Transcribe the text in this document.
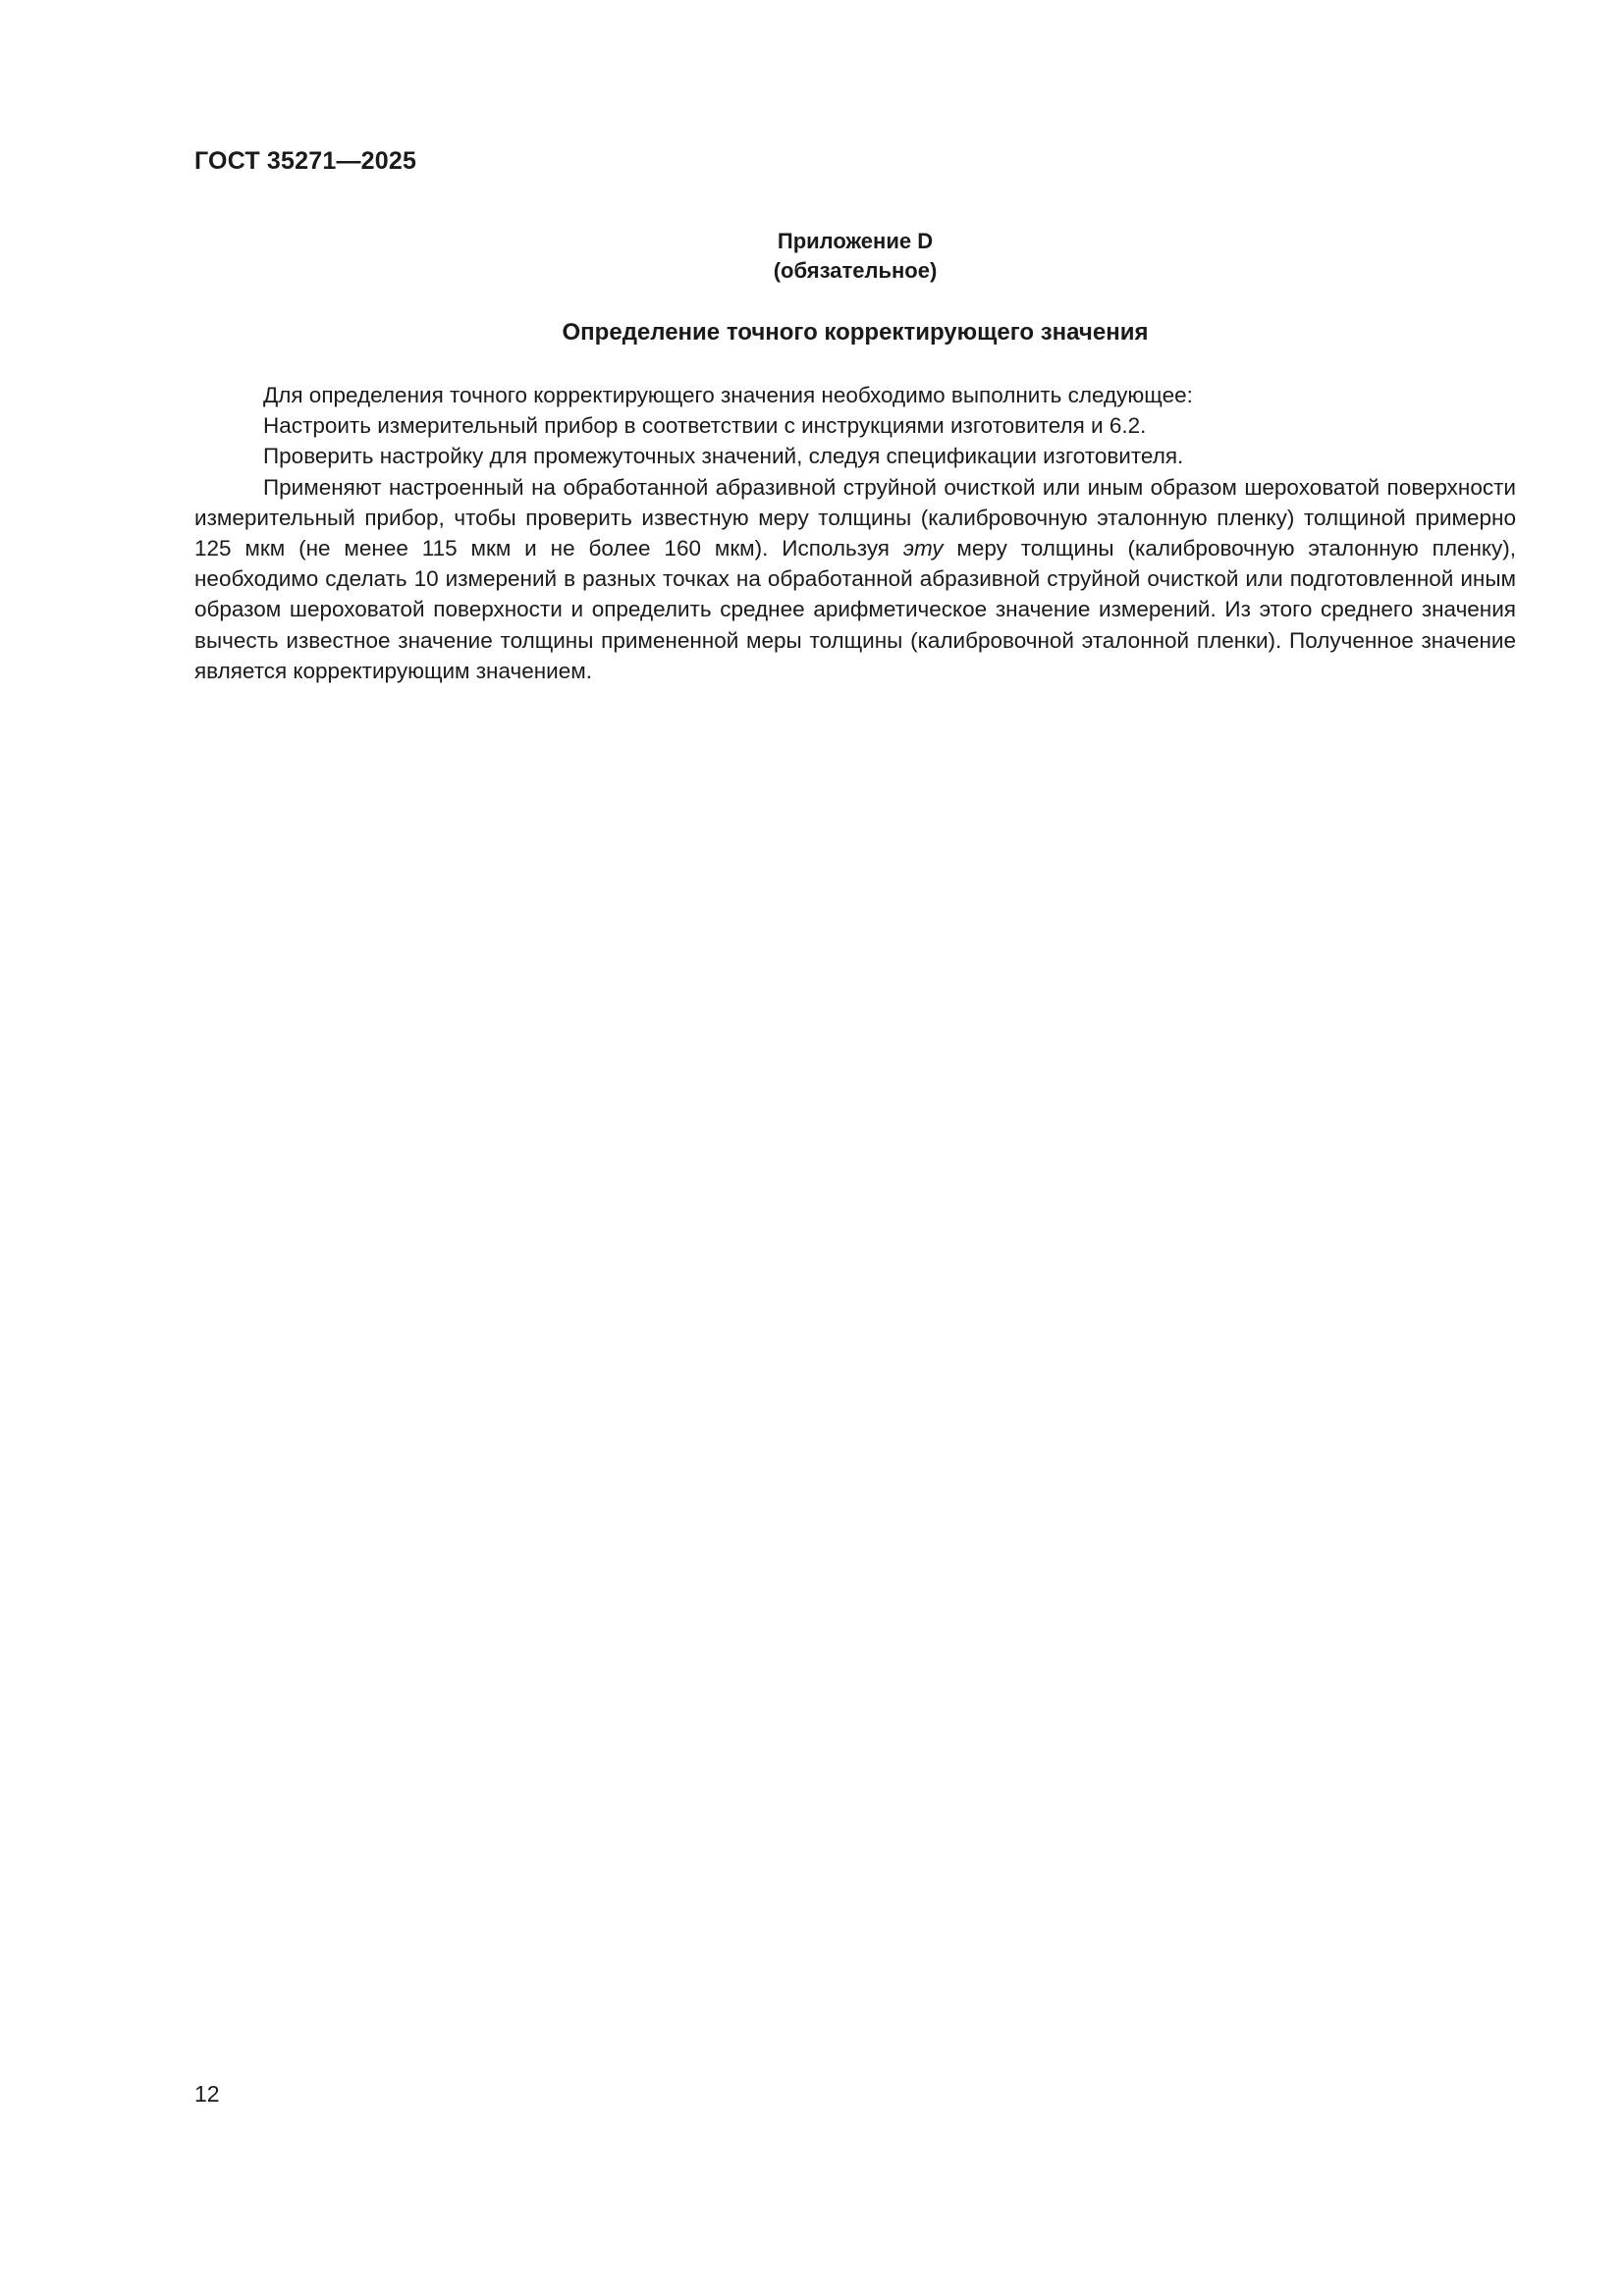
ГОСТ 35271—2025
Приложение D
(обязательное)
Определение точного корректирующего значения

Для определения точного корректирующего значения необходимо выполнить следующее:

Настроить измерительный прибор в соответствии с инструкциями изготовителя и 6.2.

Проверить настройку для промежуточных значений, следуя спецификации изготовителя.

Применяют настроенный на обработанной абразивной струйной очисткой или иным образом шероховатой поверхности измерительный прибор, чтобы проверить известную меру толщины (калибровочную эталонную пленку) толщиной примерно 125 мкм (не менее 115 мкм и не более 160 мкм). Используя эту меру толщины (калибровочную эталонную пленку), необходимо сделать 10 измерений в разных точках на обработанной абразивной струйной очисткой или подготовленной иным образом шероховатой поверхности и определить среднее арифметическое значение измерений. Из этого среднего значения вычесть известное значение толщины примененной меры толщины (калибровочной эталонной пленки). Полученное значение является корректирующим значением.

12
